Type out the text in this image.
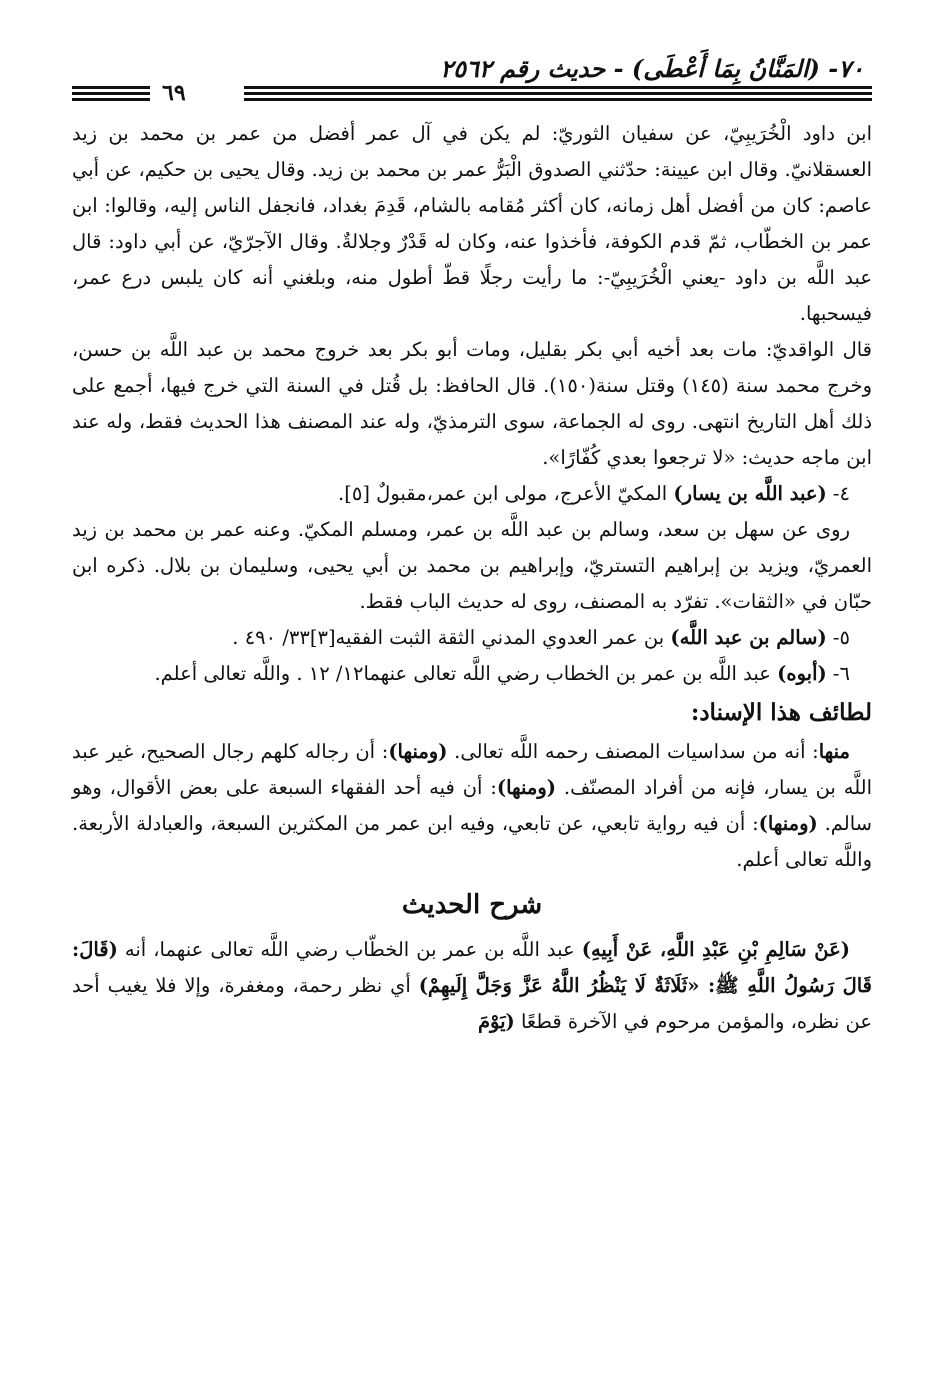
٧٠- (المَنَّانُ بِمَا أَعْطَى) - حديث رقم ٢٥٦٢
٦٩

ابن داود الْخُرَيبِيّ، عن سفيان الثوريّ: لم يكن في آل عمر أفضل من عمر بن محمد بن زيد العسقلانيّ. وقال ابن عيينة: حدّثني الصدوق الْبَرُّ عمر بن محمد بن زيد. وقال يحيى بن حكيم، عن أبي عاصم: كان من أفضل أهل زمانه، كان أكثر مُقامه بالشام، قَدِمَ بغداد، فانجفل الناس إليه، وقالوا: ابن عمر بن الخطّاب، ثمّ قدم الكوفة، فأخذوا عنه، وكان له قَدْرٌ وجلالةٌ. وقال الآجرّيّ، عن أبي داود: قال عبد اللَّه بن داود -يعني الْخُرَيبِيّ-: ما رأيت رجلًا قطّ أطول منه، وبلغني أنه كان يلبس درع عمر، فيسحبها.

قال الواقديّ: مات بعد أخيه أبي بكر بقليل، ومات أبو بكر بعد خروج محمد بن عبد اللَّه بن حسن، وخرج محمد سنة (١٤٥) وقتل سنة(١٥٠). قال الحافظ: بل قُتل في السنة التي خرج فيها، أجمع على ذلك أهل التاريخ انتهى. روى له الجماعة، سوى الترمذيّ، وله عند المصنف هذا الحديث فقط، وله عند ابن ماجه حديث: «لا ترجعوا بعدي كُفّارًا».

٤- (عبد اللَّه بن يسار) المكيّ الأعرج، مولى ابن عمر،مقبولٌ [٥].

روى عن سهل بن سعد، وسالم بن عبد اللَّه بن عمر، ومسلم المكيّ. وعنه عمر بن محمد بن زيد العمريّ، ويزيد بن إبراهيم التستريّ، وإبراهيم بن محمد بن أبي يحيى، وسليمان بن بلال. ذكره ابن حبّان في «الثقات». تفرّد به المصنف، روى له حديث الباب فقط.

٥- (سالم بن عبد اللَّه) بن عمر العدوي المدني الثقة الثبت الفقيه[٣]٣٣/ ٤٩٠ .

٦- (أبوه) عبد اللَّه بن عمر بن الخطاب رضي اللَّه تعالى عنهما١٢/ ١٢ . واللَّه تعالى أعلم.

لطائف هذا الإسناد:

منها: أنه من سداسيات المصنف رحمه اللَّه تعالى. (ومنها): أن رجاله كلهم رجال الصحيح، غير عبد اللَّه بن يسار، فإنه من أفراد المصنّف. (ومنها): أن فيه أحد الفقهاء السبعة على بعض الأقوال، وهو سالم. (ومنها): أن فيه رواية تابعي، عن تابعي، وفيه ابن عمر من المكثرين السبعة، والعبادلة الأربعة. واللَّه تعالى أعلم.

شرح الحديث

(عَنْ سَالِمِ بْنِ عَبْدِ اللَّهِ، عَنْ أَبِيهِ) عبد اللَّه بن عمر بن الخطّاب رضي اللَّه تعالى عنهما، أنه (قَالَ: قَالَ رَسُولُ اللَّهِ ﷺ: «ثَلَاثَةٌ لَا يَنْظُرُ اللَّهُ عَزَّ وَجَلَّ إِلَيهِمْ) أي نظر رحمة، ومغفرة، وإلا فلا يغيب أحد عن نظره، والمؤمن مرحوم في الآخرة قطعًا (يَوْمَ
